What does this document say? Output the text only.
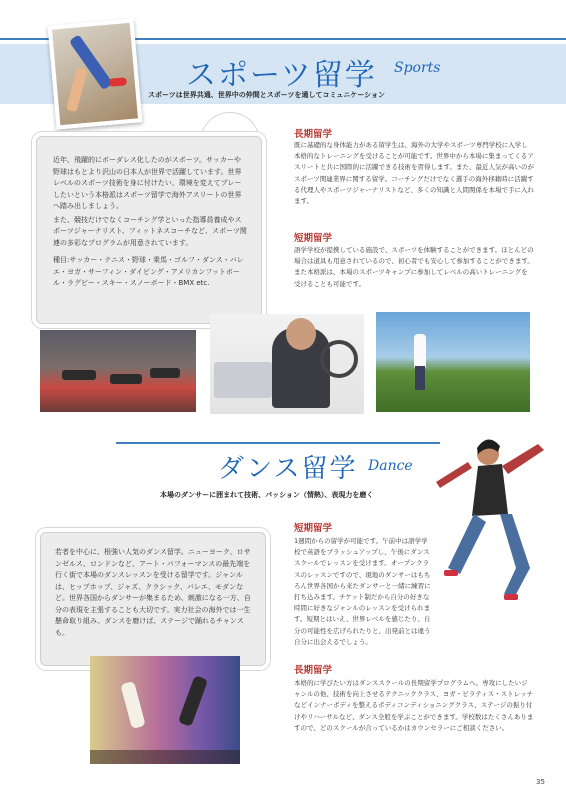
スポーツ留学 Sports
スポーツは世界共通、世界中の仲間とスポーツを通してコミュニケーション

近年、飛躍的にボーダレス化したのがスポーツ。サッカーや野球はもとより沢山の日本人が世界で活躍しています。世界レベルのスポーツ技術を身に付けたい、環境を変えてプレーしたいという本格派はスポーツ留学で海外アスリートの世界へ踏み出しましょう。

また、競技だけでなくコーチング学といった指導員養成やスポーツジャーナリスト、フィットネスコーチなど、スポーツ関連の多彩なプログラムが用意されています。

種目:サッカー・テニス・野球・乗馬・ゴルフ・ダンス・バレエ・ヨガ・サーフィン・ダイビング・アメリカンフットボール・ラグビー・スキー・スノーボード・BMX etc.

長期留学
既に基礎的な身体能力がある留学生は、海外の大学やスポーツ専門学校に入学し本格的なトレーニングを受けることが可能です。世界中から本場に集まってくるアスリートと共に国際的に活躍できる技術を習得します。また、最近人気が高いのがスポーツ関連業界に関する留学。コーチングだけでなく選手の海外移籍時に活躍する代理人やスポーツジャーナリストなど、多くの知識と人間関係を本場で手に入れます。
短期留学
語学学校が提携している施設で、スポーツを体験することができます。ほとんどの場合は道具も用意されているので、初心者でも安心して参加することができます。また本格派は、本場のスポーツキャンプに参加してレベルの高いトレーニングを受けることも可能です。
ダンス留学 Dance
本場のダンサーに囲まれて技術、パッション（情熱）、表現力を磨く
若者を中心に、根強い人気のダンス留学。ニューヨーク、ロサンゼルス、ロンドンなど、アート・パフォーマンスの最先端を行く街で本場のダンスレッスンを受ける留学です。ジャンルは、ヒップホップ、ジャズ、クラシック、バレエ、モダンなど。世界各国からダンサーが集まるため、刺激になる一方、自分の表現を主張することも大切です。実力社会の海外では一生懸命取り組み、ダンスを磨けば、ステージで踊れるチャンスも。
短期留学
1週間からの留学が可能です。午前中は語学学校で英語をブラッシュアップし、午後にダンススクールでレッスンを受けます。オープンクラスのレッスンですので、現地のダンサーはもちろん世界各国から来たダンサーと一緒に練習に打ち込みます。チケット制だから自分の好きな時間に好きなジャンルのレッスンを受けられます。短期とはいえ、世界レベルを感じたり、自分の可能性を広げられたりと、出発前とは違う自分に出会えるでしょう。
長期留学
本格的に学びたい方はダンススクールの長期留学プログラムへ。専攻にしたいジャンルの他、技術を向上させるテクニッククラス、ヨガ・ピラティス・ストレッチなどインナーボディを整えるボディコンディショニングクラス、ステージの振り付けやリハーサルなど、ダンス全般を学ぶことができます。学校数はたくさんありますので、どのスクールが合っているかはカウンセラーにご相談ください。
35
